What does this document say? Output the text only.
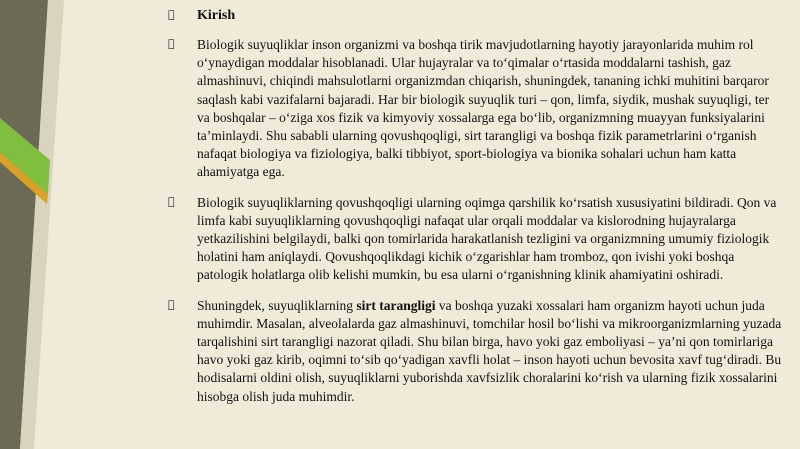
Kirish
Biologik suyuqliklar inson organizmi va boshqa tirik mavjudotlarning hayotiy jarayonlarida muhim rol o‘ynaydigan moddalar hisoblanadi. Ular hujayralar va to‘qimalar o‘rtasida moddalarni tashish, gaz almashinuvi, chiqindi mahsulotlarni organizmdan chiqarish, shuningdek, tananing ichki muhitini barqaror saqlash kabi vazifalarni bajaradi. Har bir biologik suyuqlik turi – qon, limfa, siydik, mushak suyuqligi, ter va boshqalar – o‘ziga xos fizik va kimyoviy xossalarga ega bo‘lib, organizmning muayyan funksiyalarini ta’minlaydi. Shu sababli ularning qovushqoqligi, sirt tarangligi va boshqa fizik parametrlarini o‘rganish nafaqat biologiya va fiziologiya, balki tibbiyot, sport-biologiya va bionika sohalari uchun ham katta ahamiyatga ega.
Biologik suyuqliklarning qovushqoqligi ularning oqimga qarshilik ko‘rsatish xususiyatini bildiradi. Qon va limfa kabi suyuqliklarning qovushqoqligi nafaqat ular orqali moddalar va kislorodning hujayralarga yetkazilishini belgilaydi, balki qon tomirlarida harakatlanish tezligini va organizmning umumiy fiziologik holatini ham aniqlaydi. Qovushqoqlikdagi kichik o‘zgarishlar ham tromboz, qon ivishi yoki boshqa patologik holatlarga olib kelishi mumkin, bu esa ularni o‘rganishning klinik ahamiyatini oshiradi.
Shuningdek, suyuqliklarning sirt tarangligi va boshqa yuzaki xossalari ham organizm hayoti uchun juda muhimdir. Masalan, alveolalarda gaz almashinuvi, tomchilar hosil bo‘lishi va mikroorganizmlarning yuzada tarqalishini sirt tarangligi nazorat qiladi. Shu bilan birga, havo yoki gaz emboliyasi – ya’ni qon tomirlariga havo yoki gaz kirib, oqimni to‘sib qo‘yadigan xavfli holat – inson hayoti uchun bevosita xavf tug‘diradi. Bu hodisalarni oldini olish, suyuqliklarni yuborishda xavfsizlik choralarini ko‘rish va ularning fizik xossalarini hisobga olish juda muhimdir.
